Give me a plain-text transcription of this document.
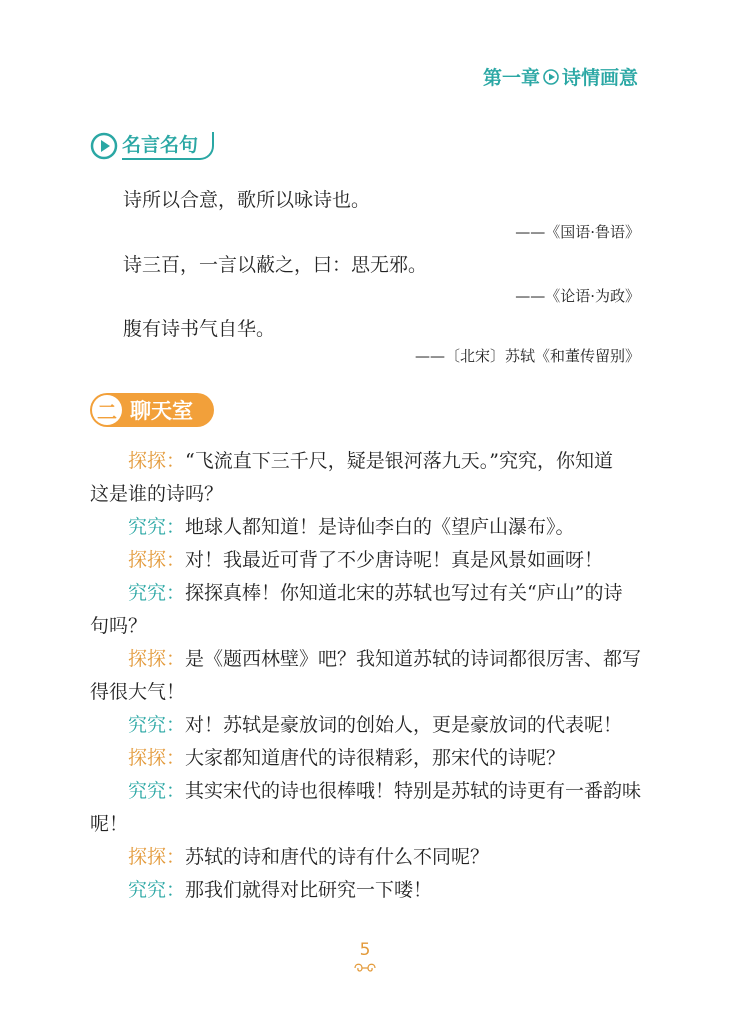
第一章 诗情画意
名言名句
诗所以合意，歌所以咏诗也。
——《国语·鲁语》
诗三百，一言以蔽之，曰：思无邪。
——《论语·为政》
腹有诗书气自华。
——〔北宋〕苏轼《和董传留别》
二 聊天室
探探：“飞流直下三千尺，疑是银河落九天。”究究，你知道
这是谁的诗吗？
究究：地球人都知道！是诗仙李白的《望庐山瀑布》。
探探：对！我最近可背了不少唐诗呢！真是风景如画呀！
究究：探探真棒！你知道北宋的苏轼也写过有关“庐山”的诗
句吗？
探探：是《题西林壁》吧？我知道苏轼的诗词都很厉害、都写
得很大气！
究究：对！苏轼是豪放词的创始人，更是豪放词的代表呢！
探探：大家都知道唐代的诗很精彩，那宋代的诗呢？
究究：其实宋代的诗也很棒哦！特别是苏轼的诗更有一番韵味
呢！
探探：苏轼的诗和唐代的诗有什么不同呢？
究究：那我们就得对比研究一下喽！
5
